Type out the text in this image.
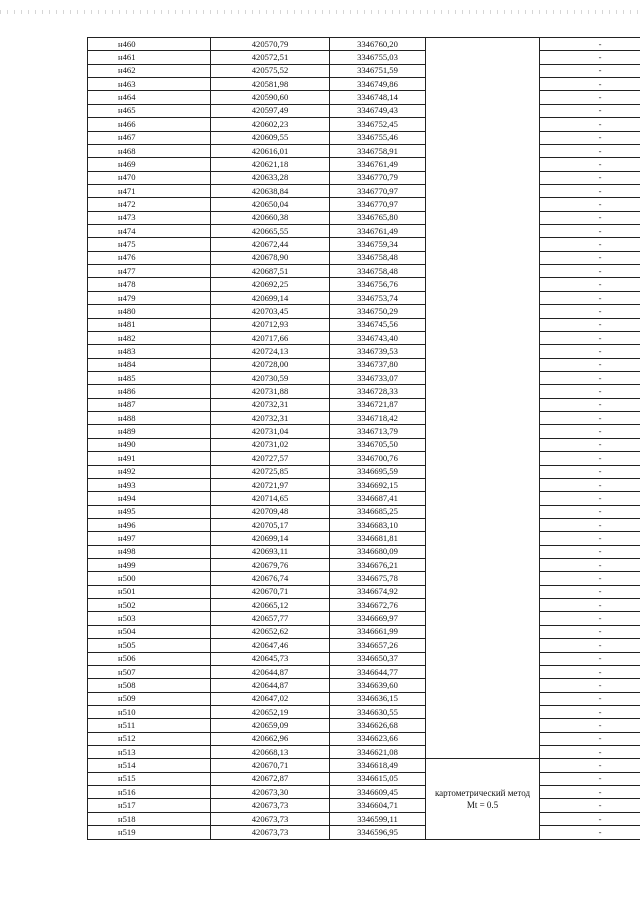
н460	420570,79	3346760,20		-
н461	420572,51	3346755,03		-
н462	420575,52	3346751,59		-
н463	420581,98	3346749,86		-
н464	420590,60	3346748,14		-
н465	420597,49	3346749,43		-
н466	420602,23	3346752,45		-
н467	420609,55	3346755,46		-
н468	420616,01	3346758,91		-
н469	420621,18	3346761,49		-
н470	420633,28	3346770,79		-
н471	420638,84	3346770,97		-
н472	420650,04	3346770,97		-
н473	420660,38	3346765,80		-
н474	420665,55	3346761,49		-
н475	420672,44	3346759,34		-
н476	420678,90	3346758,48		-
н477	420687,51	3346758,48		-
н478	420692,25	3346756,76		-
н479	420699,14	3346753,74		-
н480	420703,45	3346750,29		-
н481	420712,93	3346745,56		-
н482	420717,66	3346743,40		-
н483	420724,13	3346739,53		-
н484	420728,00	3346737,80		-
н485	420730,59	3346733,07		-
н486	420731,88	3346728,33		-
н487	420732,31	3346721,87		-
н488	420732,31	3346718,42		-
н489	420731,04	3346713,79		-
н490	420731,02	3346705,50		-
н491	420727,57	3346700,76		-
н492	420725,85	3346695,59		-
н493	420721,97	3346692,15		-
н494	420714,65	3346687,41		-
н495	420709,48	3346685,25		-
н496	420705,17	3346683,10		-
н497	420699,14	3346681,81		-
н498	420693,11	3346680,09		-
н499	420679,76	3346676,21		-
н500	420676,74	3346675,78		-
н501	420670,71	3346674,92		-
н502	420665,12	3346672,76		-
н503	420657,77	3346669,97		-
н504	420652,62	3346661,99		-
н505	420647,46	3346657,26		-
н506	420645,73	3346650,37		-
н507	420644,87	3346644,77		-
н508	420644,87	3346639,60		-
н509	420647,02	3346636,15		-
н510	420652,19	3346630,55		-
н511	420659,09	3346626,68		-
н512	420662,96	3346623,66		-
н513	420668,13	3346621,08		-
н514	420670,71	3346618,49	картометрический метод Mt = 0.5	-
н515	420672,87	3346615,05		-
н516	420673,30	3346609,45		-
н517	420673,73	3346604,71		-
н518	420673,73	3346599,11		-
н519	420673,73	3346596,95		-
